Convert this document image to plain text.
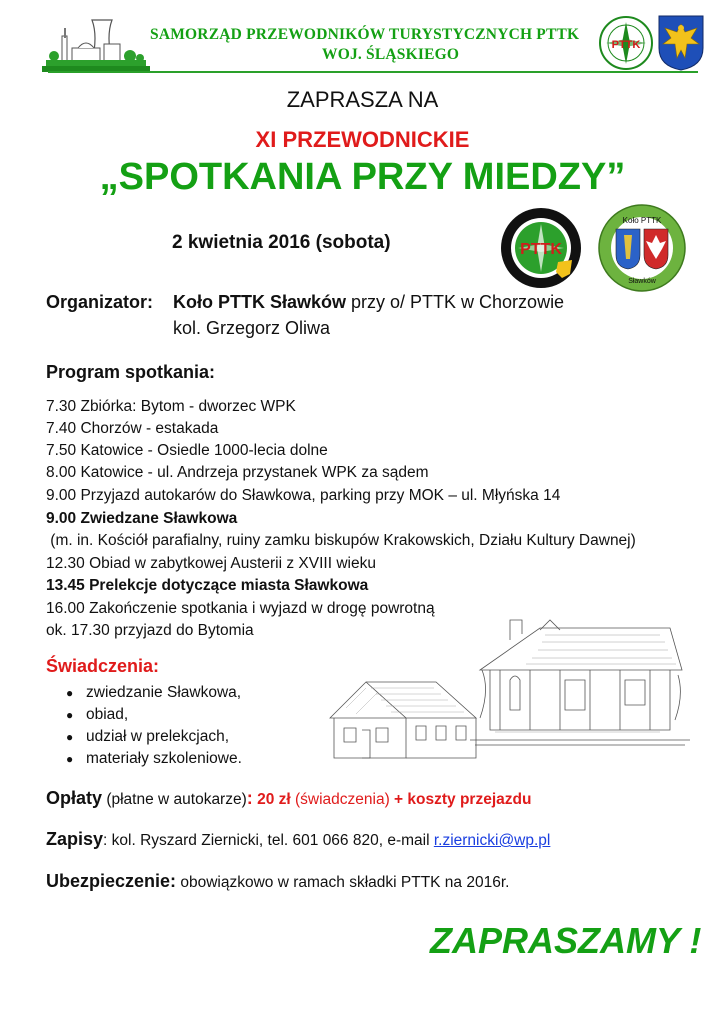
SAMORZĄD PRZEWODNIKÓW TURYSTYCZNYCH PTTK
WOJ. ŚLĄSKIEGO
PTTK
ZAPRASZA NA
XI PRZEWODNICKIE
„SPOTKANIA PRZY MIEDZY”
2 kwietnia 2016 (sobota)	PTTK
Koło PTTK
Sławków
Organizator: Koło PTTK Sławków przy o/ PTTK w Chorzowie
kol. Grzegorz Oliwa
Program spotkania:
7.30 Zbiórka: Bytom - dworzec WPK
7.40 Chorzów - estakada
7.50 Katowice - Osiedle 1000-lecia dolne
8.00 Katowice - ul. Andrzeja przystanek WPK za sądem
9.00 Przyjazd autokarów do Sławkowa, parking przy MOK – ul. Młyńska 14
9.00 Zwiedzane Sławkowa
(m. in. Kościół parafialny, ruiny zamku biskupów Krakowskich, Działu Kultury Dawnej)
12.30 Obiad w zabytkowej Austerii z XVIII wieku
13.45 Prelekcje dotyczące miasta Sławkowa
16.00 Zakończenie spotkania i wyjazd w drogę powrotną
ok. 17.30 przyjazd do Bytomia
Świadczenia:
● zwiedzanie Sławkowa,
● obiad,
● udział w prelekcjach,
● materiały szkoleniowe.
Opłaty (płatne w autokarze): 20 zł (świadczenia) + koszty przejazdu
Zapisy: kol. Ryszard Ziernicki, tel. 601 066 820, e-mail r.ziernicki@wp.pl
Ubezpieczenie: obowiązkowo w ramach składki PTTK na 2016r.
ZAPRASZAMY !
